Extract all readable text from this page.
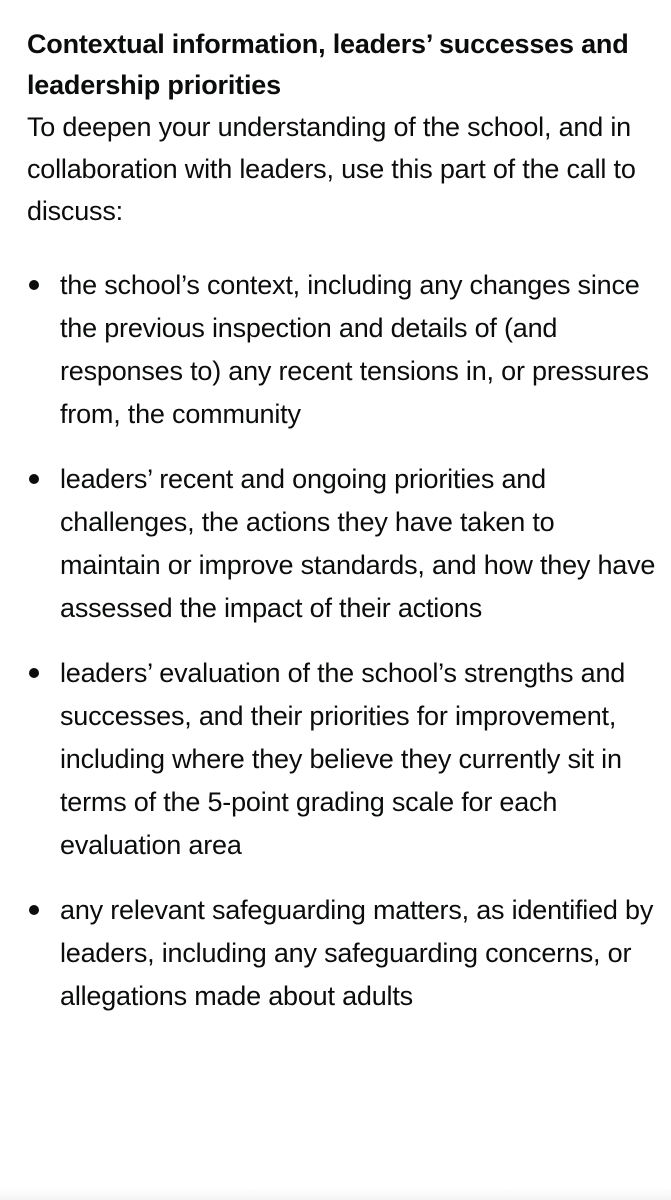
Contextual information, leaders’ successes and leadership priorities

To deepen your understanding of the school, and in collaboration with leaders, use this part of the call to discuss:

the school’s context, including any changes since the previous inspection and details of (and responses to) any recent tensions in, or pressures from, the community
leaders’ recent and ongoing priorities and challenges, the actions they have taken to maintain or improve standards, and how they have assessed the impact of their actions
leaders’ evaluation of the school’s strengths and successes, and their priorities for improvement, including where they believe they currently sit in terms of the 5-point grading scale for each evaluation area
any relevant safeguarding matters, as identified by leaders, including any safeguarding concerns, or allegations made about adults
